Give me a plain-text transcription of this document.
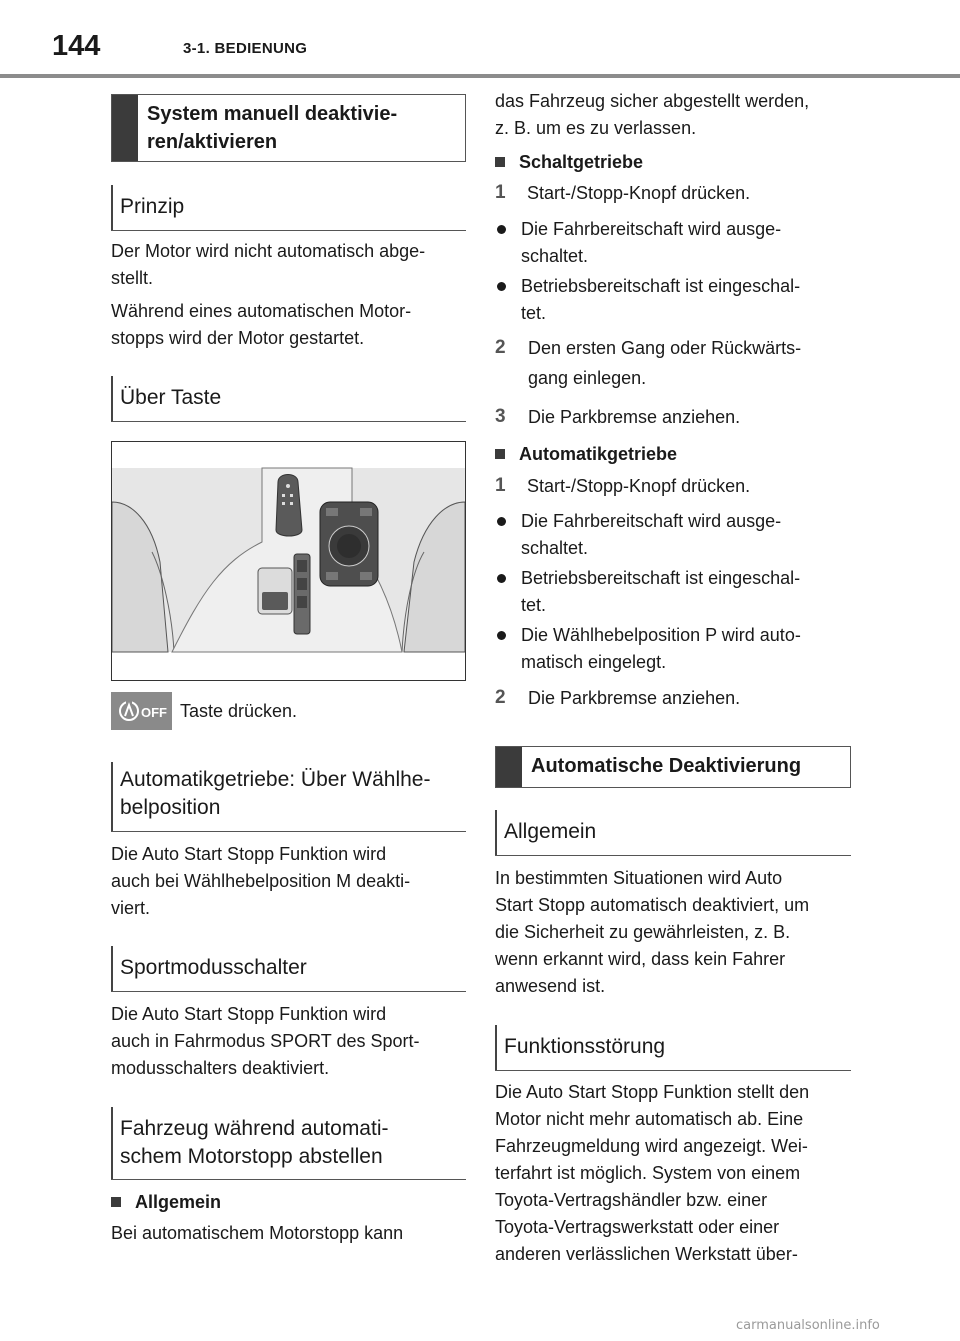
144	3-1. BEDIENUNG
System manuell deaktivie-
ren/aktivieren
Prinzip
Der Motor wird nicht automatisch abge-
stellt.
Während eines automatischen Motor-
stopps wird der Motor gestartet.
Über Taste
OFF Taste drücken.
Automatikgetriebe: Über Wählhe-
belposition
Die Auto Start Stopp Funktion wird
auch bei Wählhebelposition M deakti-
viert.
Sportmodusschalter
Die Auto Start Stopp Funktion wird
auch in Fahrmodus SPORT des Sport-
modusschalters deaktiviert.
Fahrzeug während automati-
schem Motorstopp abstellen
Allgemein
Bei automatischem Motorstopp kann
das Fahrzeug sicher abgestellt werden,
z. B. um es zu verlassen.
Schaltgetriebe
1 Start-/Stopp-Knopf drücken.
Die Fahrbereitschaft wird ausge-
schaltet.
Betriebsbereitschaft ist eingeschal-
tet.
2 Den ersten Gang oder Rückwärts-
gang einlegen.
3 Die Parkbremse anziehen.
Automatikgetriebe
1 Start-/Stopp-Knopf drücken.
Die Fahrbereitschaft wird ausge-
schaltet.
Betriebsbereitschaft ist eingeschal-
tet.
Die Wählhebelposition P wird auto-
matisch eingelegt.
2 Die Parkbremse anziehen.
Automatische Deaktivierung
Allgemein
In bestimmten Situationen wird Auto
Start Stopp automatisch deaktiviert, um
die Sicherheit zu gewährleisten, z. B.
wenn erkannt wird, dass kein Fahrer
anwesend ist.
Funktionsstörung
Die Auto Start Stopp Funktion stellt den
Motor nicht mehr automatisch ab. Eine
Fahrzeugmeldung wird angezeigt. Wei-
terfahrt ist möglich. System von einem
Toyota-Vertragshändler bzw. einer
Toyota-Vertragswerkstatt oder einer
anderen verlässlichen Werkstatt über-
carmanualsonline.info
